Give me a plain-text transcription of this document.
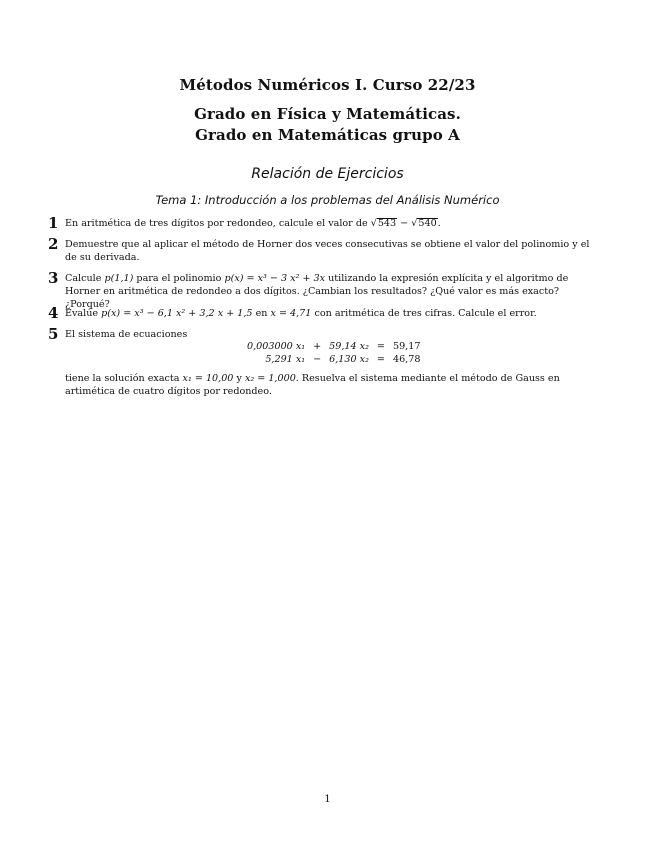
Métodos Numéricos I. Curso 22/23
Grado en Física y Matemáticas.
Grado en Matemáticas grupo A
Relación de Ejercicios
Tema 1: Introducción a los problemas del Análisis Numérico
1 En aritmética de tres dígitos por redondeo, calcule el valor de √543 − √540.
2 Demuestre que al aplicar el método de Horner dos veces consecutivas se obtiene el valor del polinomio y el de su derivada.
3 Calcule p(1,1) para el polinomio p(x) = x³ − 3 x² + 3x utilizando la expresión explícita y el algoritmo de Horner en aritmética de redondeo a dos dígitos. ¿Cambian los resultados? ¿Qué valor es más exacto? ¿Porqué?
4 Evalúe p(x) = x³ − 6,1 x² + 3,2 x + 1,5 en x = 4,71 con aritmética de tres cifras. Calcule el error.
5 El sistema de ecuaciones
0,003000 x₁	+	59,14 x₂	=	59,17
5,291 x₁	−	6,130 x₂	=	46,78
tiene la solución exacta x₁ = 10,00 y x₂ = 1,000. Resuelva el sistema mediante el método de Gauss en artimética de cuatro dígitos por redondeo.
1
